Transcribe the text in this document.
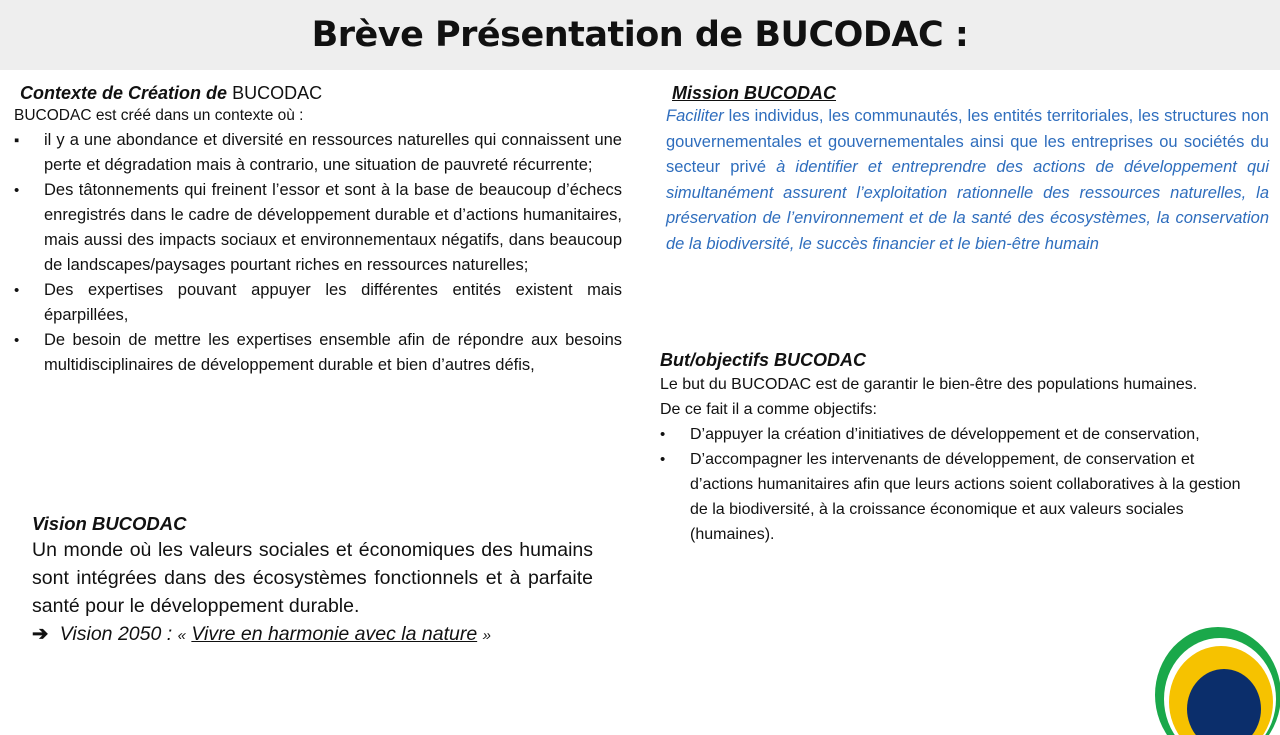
Brève Présentation de BUCODAC :
Contexte de Création de BUCODAC
BUCODAC est créé dans un contexte où :
▪	il y a une abondance et diversité en ressources naturelles qui connaissent une perte et dégradation mais à contrario, une situation de pauvreté récurrente;
•	Des tâtonnements qui freinent l’essor et sont à la base de beaucoup d’échecs enregistrés dans le cadre de développement durable et d’actions humanitaires, mais aussi des impacts sociaux et environnementaux négatifs, dans beaucoup de landscapes/paysages pourtant riches en ressources naturelles;
•	Des expertises pouvant appuyer les différentes entités existent mais éparpillées,
•	De besoin de mettre les expertises ensemble afin de répondre aux besoins multidisciplinaires de développement durable et bien d’autres défis,
Vision BUCODAC
Un monde où les valeurs sociales et économiques des humains sont intégrées dans des écosystèmes fonctionnels et à parfaite santé pour le développement durable.
➔ Vision 2050 : « Vivre en harmonie avec la nature »
Mission BUCODAC
Faciliter les individus, les communautés, les entités territoriales, les structures non gouvernementales et gouvernementales ainsi que les entreprises ou sociétés du secteur privé à identifier et entreprendre des actions de développement qui simultanément assurent l’exploitation rationnelle des ressources naturelles, la préservation de l’environnement et de la santé des écosystèmes, la conservation de la biodiversité, le succès financier et le bien-être humain
But/objectifs BUCODAC
Le but du BUCODAC est de garantir le bien-être des populations humaines.
De ce fait il a comme objectifs:
•	D’appuyer la création d’initiatives de développement et de conservation,
•	D’accompagner les intervenants de développement, de conservation et d’actions humanitaires afin que leurs actions soient collaboratives à la gestion de la biodiversité, à la croissance économique et aux valeurs sociales (humaines).
